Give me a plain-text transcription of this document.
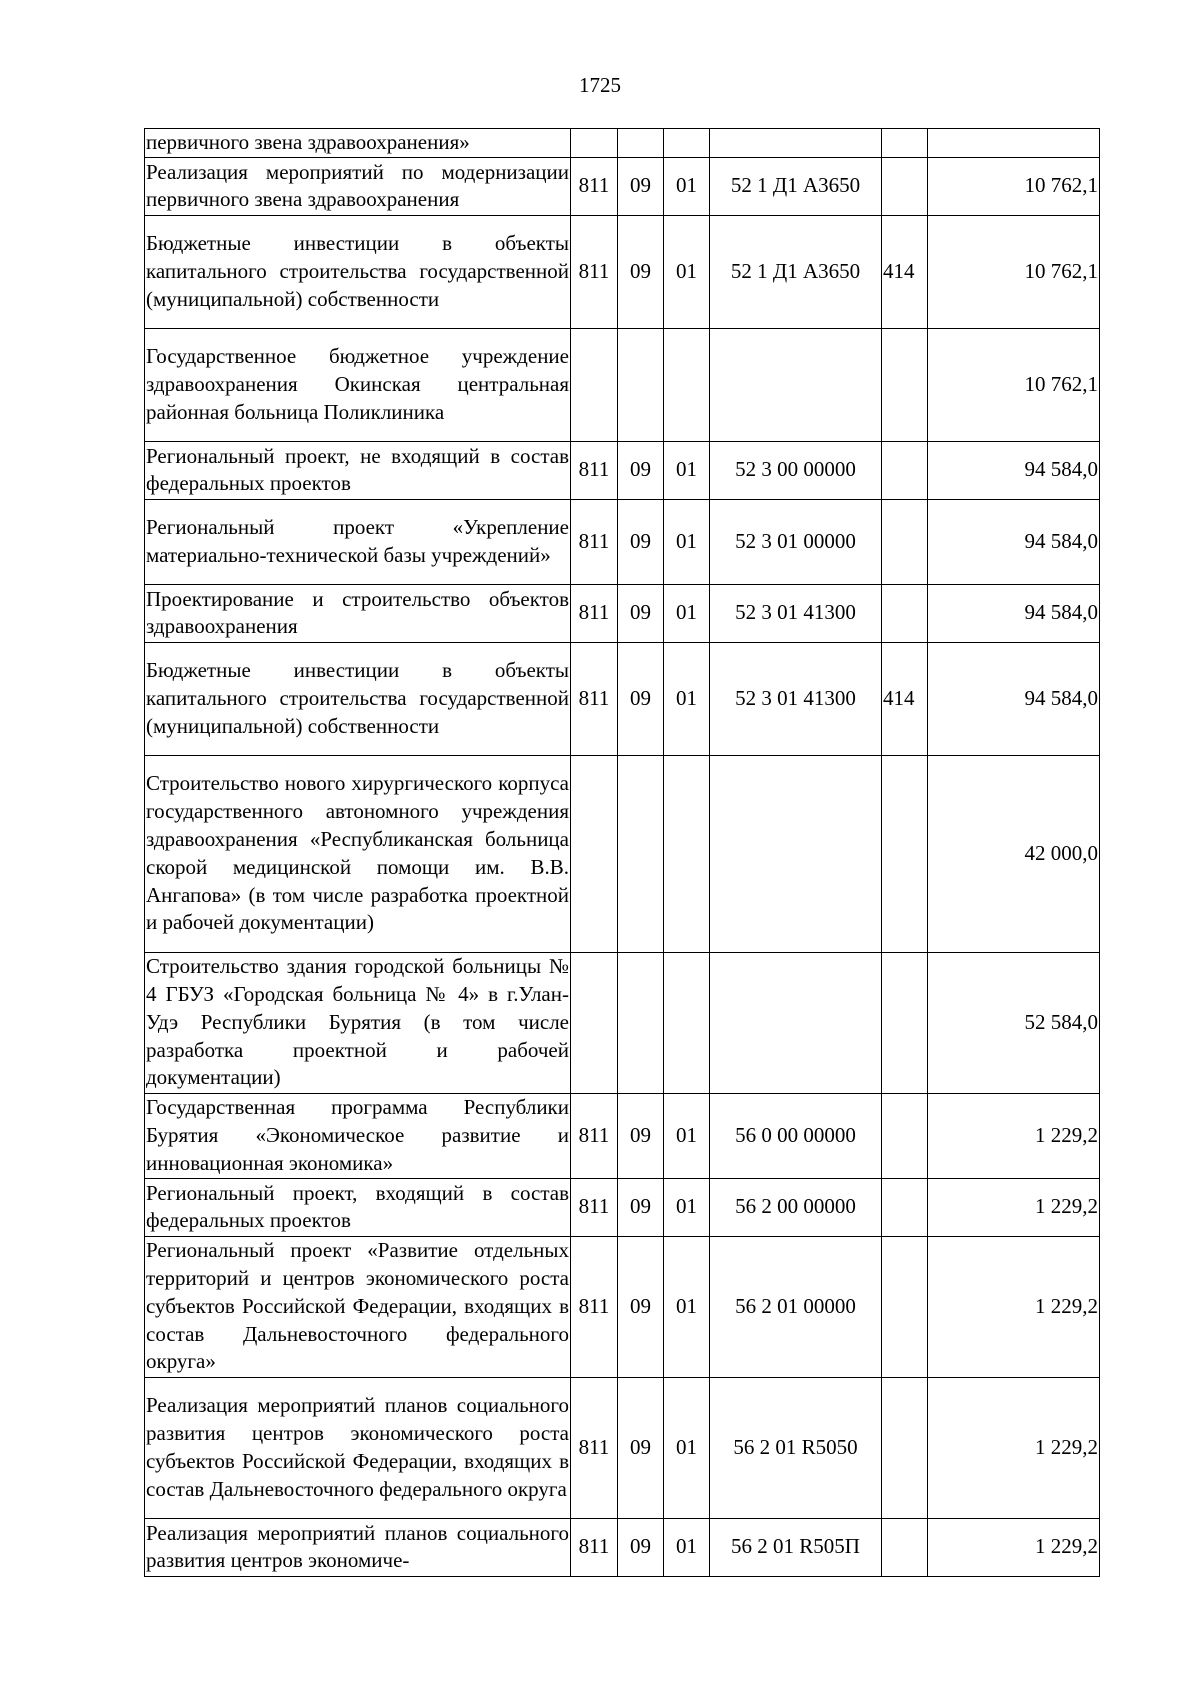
1725
первичного звена здравоохранения»						
Реализация мероприятий по модернизации первичного звена здравоохранения	811	09	01	52 1 Д1 А3650		10 762,1
Бюджетные инвестиции в объекты капитального строительства государственной (муниципальной) собственности	811	09	01	52 1 Д1 А3650	414	10 762,1
Государственное бюджетное учреждение здравоохранения Окинская центральная районная больница Поликлиника						10 762,1
Региональный проект, не входящий в состав федеральных проектов	811	09	01	52 3 00 00000		94 584,0
Региональный проект «Укрепление материально-технической базы учреждений»	811	09	01	52 3 01 00000		94 584,0
Проектирование и строительство объектов здравоохранения	811	09	01	52 3 01 41300		94 584,0
Бюджетные инвестиции в объекты капитального строительства государственной (муниципальной) собственности	811	09	01	52 3 01 41300	414	94 584,0
Строительство нового хирургического корпуса государственного автономного учреждения здравоохранения «Республиканская больница скорой медицинской помощи им. В.В. Ангапова» (в том числе разработка проектной и рабочей документации)						42 000,0
Строительство здания городской больницы № 4 ГБУЗ «Городская больница № 4» в г.Улан-Удэ Республики Бурятия (в том числе разработка проектной и рабочей документации)						52 584,0
Государственная программа Республики Бурятия «Экономическое развитие и инновационная экономика»	811	09	01	56 0 00 00000		1 229,2
Региональный проект, входящий в состав федеральных проектов	811	09	01	56 2 00 00000		1 229,2
Региональный проект «Развитие отдельных территорий и центров экономического роста субъектов Российской Федерации, входящих в состав Дальневосточного федерального округа»	811	09	01	56 2 01 00000		1 229,2
Реализация мероприятий планов социального развития центров экономического роста субъектов Российской Федерации, входящих в состав Дальневосточного федерального округа	811	09	01	56 2 01 R5050		1 229,2
Реализация мероприятий планов социального развития центров экономиче-	811	09	01	56 2 01 R505П		1 229,2
